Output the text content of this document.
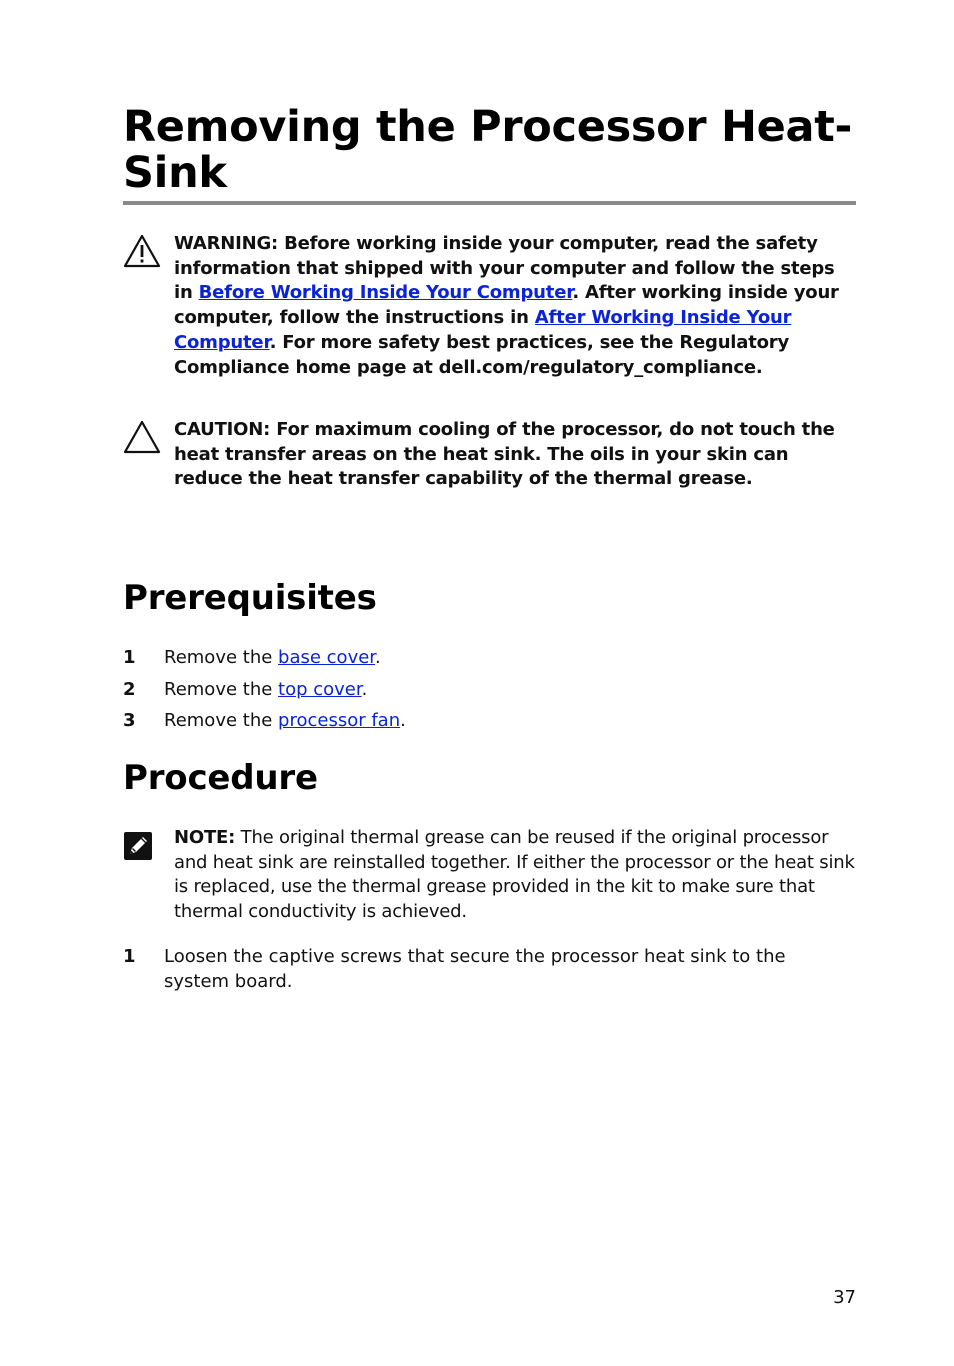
Removing the Processor Heat-Sink
WARNING: Before working inside your computer, read the safety information that shipped with your computer and follow the steps in Before Working Inside Your Computer. After working inside your computer, follow the instructions in After Working Inside Your Computer. For more safety best practices, see the Regulatory Compliance home page at dell.com/regulatory_compliance.
CAUTION: For maximum cooling of the processor, do not touch the heat transfer areas on the heat sink. The oils in your skin can reduce the heat transfer capability of the thermal grease.
Prerequisites
1 Remove the base cover.
2 Remove the top cover.
3 Remove the processor fan.
Procedure
NOTE: The original thermal grease can be reused if the original processor and heat sink are reinstalled together. If either the processor or the heat sink is replaced, use the thermal grease provided in the kit to make sure that thermal conductivity is achieved.
1 Loosen the captive screws that secure the processor heat sink to the system board.
37
